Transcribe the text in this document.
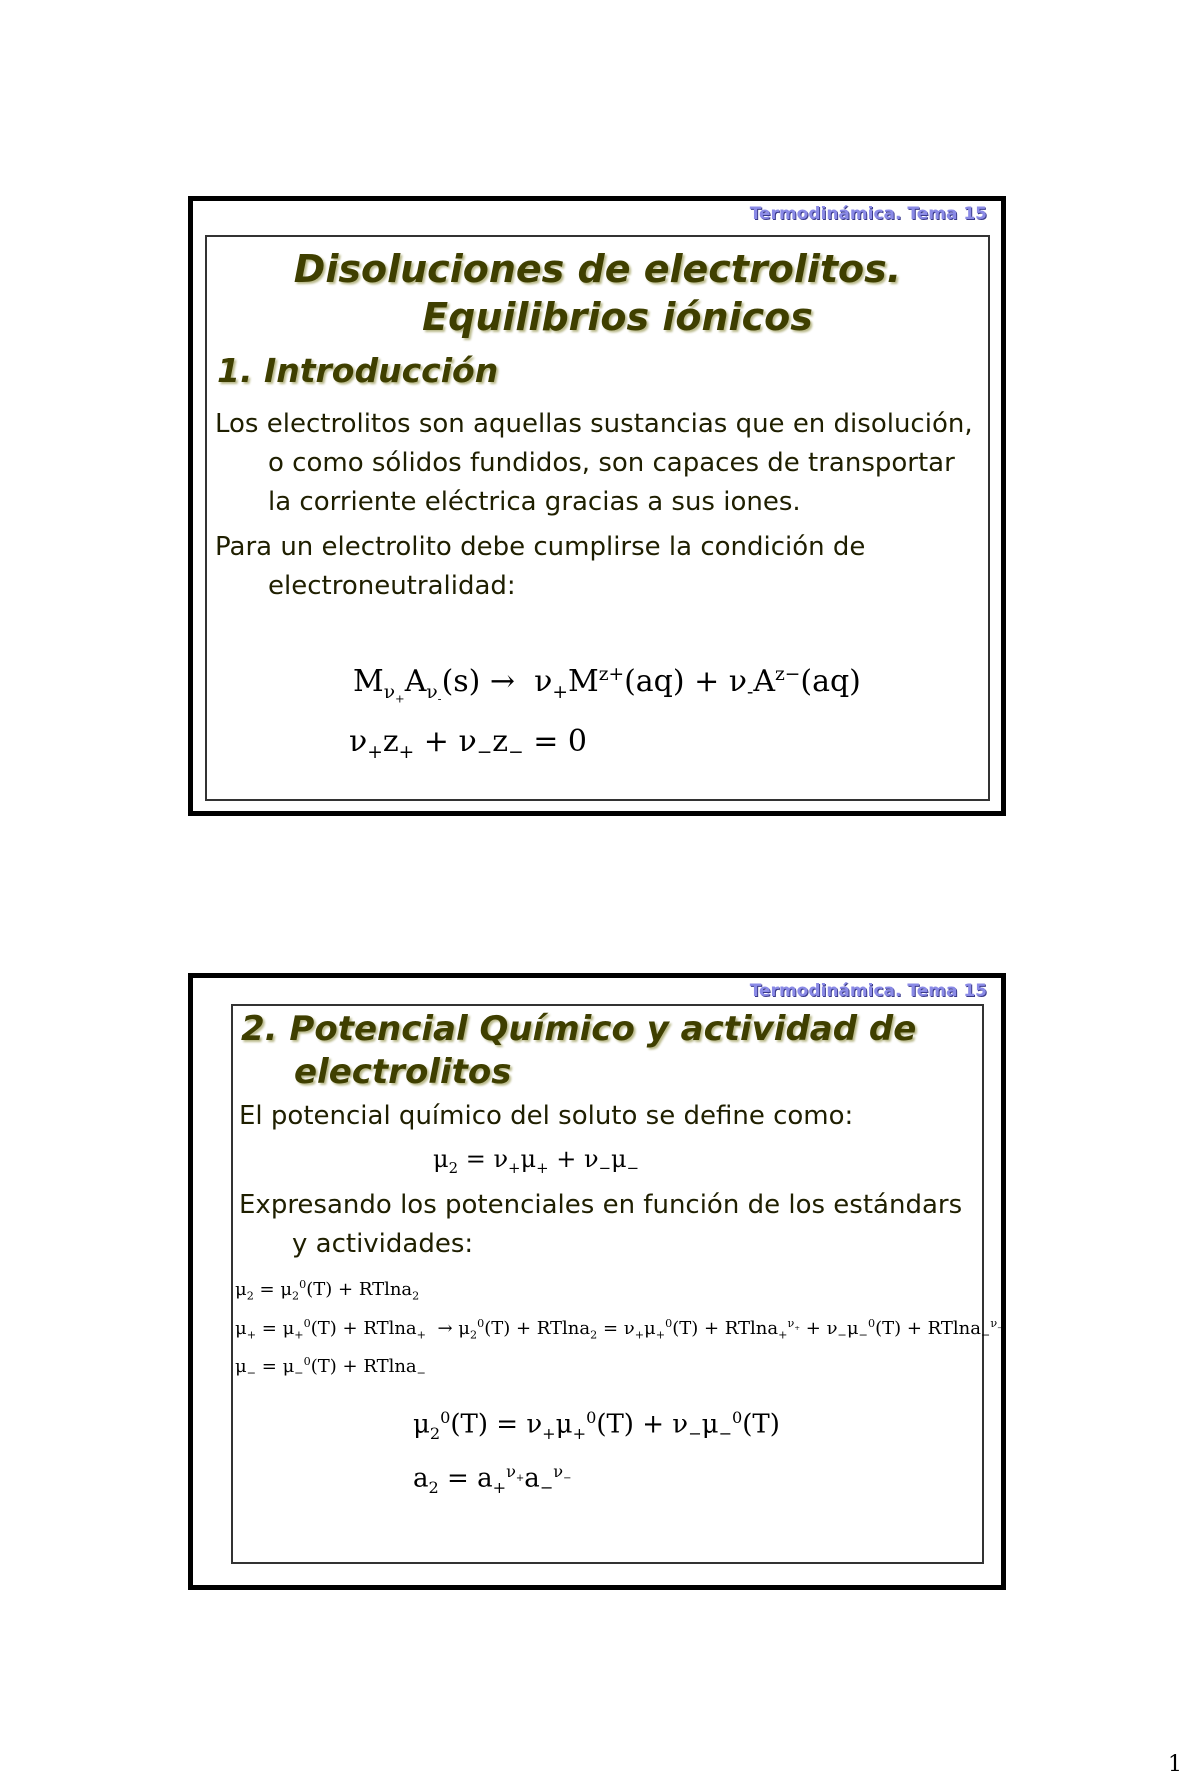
Termodinámica. Tema 15

Disoluciones de electrolitos.

Equilibrios iónicos

1. Introducción

Los electrolitos son aquellas sustancias que en disolución, o como sólidos fundidos, son capaces de transportar la corriente eléctrica gracias a sus iones.

Para un electrolito debe cumplirse la condición de electroneutralidad:

$M_{\nu_+}A_{\nu_-}(s) \to \nu_+M^{z+}(aq) + \nu_-A^{z-}(aq)$
$\nu_+z_+ + \nu_-z_- = 0$
Termodinámica. Tema 15

2. Potencial Químico y actividad de

electrolitos

El potencial químico del soluto se define como:

$\mu_2 = \nu_+\mu_+ + \nu_-\mu_-$

Expresando los potenciales en función de los estándars y actividades:

$\mu_2 = \mu_2^0(T) + RTlna_2$
$\mu_+ = \mu_+^0(T) + RTlna_+ \to \mu_2^0(T) + RTlna_2 = \nu_+\mu_+^0(T) + RTlna_+^{\nu_+} + \nu_-\mu_-^0(T) + RTlna_-^{\nu_-}$
$\mu_- = \mu_-^0(T) + RTlna_-$
$\mu_2^0(T) = \nu_+\mu_+^0(T) + \nu_-\mu_-^0(T)$
$a_2 = a_+^{\nu_+}a_-^{\nu_-}$
1
